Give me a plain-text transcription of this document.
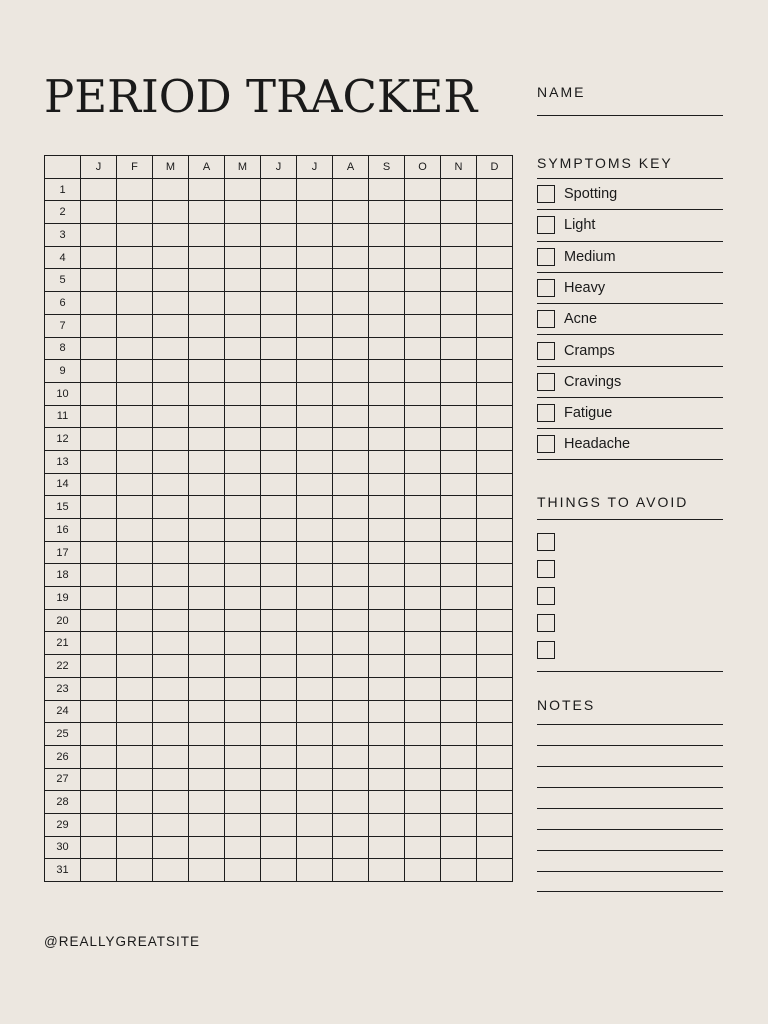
PERIOD TRACKER
	J	F	M	A	M	J	J	A	S	O	N	D
1												
2												
3												
4												
5												
6												
7												
8												
9												
10												
11												
12												
13												
14												
15												
16												
17												
18												
19												
20												
21												
22												
23												
24												
25												
26												
27												
28												
29												
30												
31												
NAME
SYMPTOMS KEY
Spotting
Light
Medium
Heavy
Acne
Cramps
Cravings
Fatigue
Headache
THINGS TO AVOID
NOTES
@REALLYGREATSITE
